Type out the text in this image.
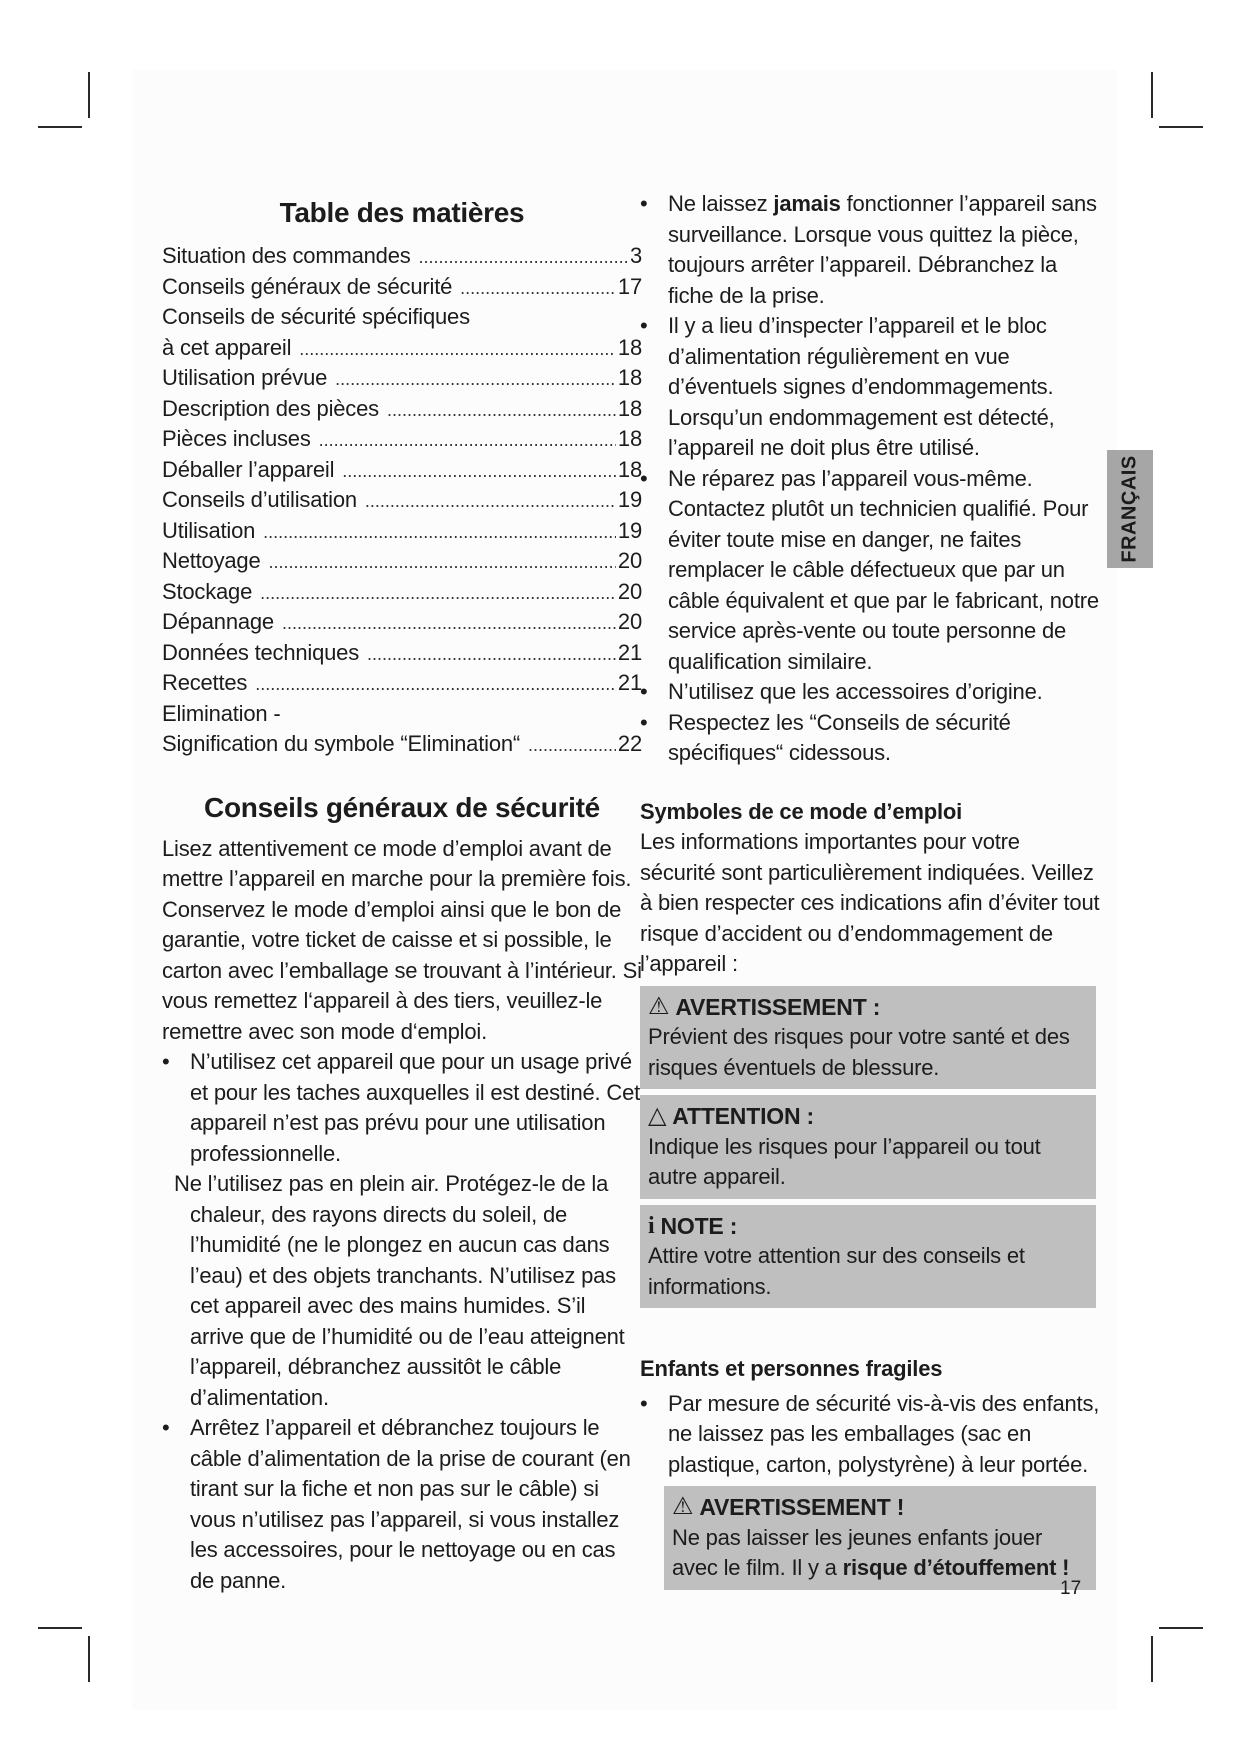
Table des matières
Situation des commandes .....	3
Conseils généraux de sécurité .....	17
Conseils de sécurité spécifiques
à cet appareil .....	18
Utilisation prévue .....	18
Description des pièces .....	18
Pièces incluses .....	18
Déballer l’appareil .....	18
Conseils d’utilisation .....	19
Utilisation .....	19
Nettoyage .....	20
Stockage .....	20
Dépannage .....	20
Données techniques .....	21
Recettes .....	21
Elimination -
Signification du symbole “Elimination“ .....	22
Conseils généraux de sécurité

Lisez attentivement ce mode d’emploi avant de mettre l’appareil en marche pour la première fois. Conservez le mode d’emploi ainsi que le bon de garantie, votre ticket de caisse et si possible, le carton avec l’emballage se trouvant à l’intérieur. Si vous remettez l‘appareil à des tiers, veuillez-le remettre avec son mode d‘emploi.

• N’utilisez cet appareil que pour un usage privé et pour les taches auxquelles il est destiné. Cet appareil n’est pas prévu pour une utilisation professionnelle.
Ne l’utilisez pas en plein air. Protégez-le de la chaleur, des rayons directs du soleil, de l’humidité (ne le plongez en aucun cas dans l’eau) et des objets tranchants. N’utilisez pas cet appareil avec des mains humides. S’il arrive que de l’humidité ou de l’eau atteignent l’appareil, débranchez aussitôt le câble d’alimentation.
• Arrêtez l’appareil et débranchez toujours le câble d’alimentation de la prise de courant (en tirant sur la fiche et non pas sur le câble) si vous n’utilisez pas l’appareil, si vous installez les accessoires, pour le nettoyage ou en cas de panne.
• Ne laissez jamais fonctionner l’appareil sans surveillance. Lorsque vous quittez la pièce, toujours arrêter l’appareil. Débranchez la fiche de la prise.
• Il y a lieu d’inspecter l’appareil et le bloc d’alimentation régulièrement en vue d’éventuels signes d’endommagements. Lorsqu’un endommagement est détecté, l’appareil ne doit plus être utilisé.
• Ne réparez pas l’appareil vous-même. Contactez plutôt un technicien qualifié. Pour éviter toute mise en danger, ne faites remplacer le câble défectueux que par un câble équivalent et que par le fabricant, notre service après-vente ou toute personne de qualification similaire.
• N’utilisez que les accessoires d’origine.
• Respectez les “Conseils de sécurité spécifiques“ cidessous.
Symboles de ce mode d’emploi

Les informations importantes pour votre sécurité sont particulièrement indiquées. Veillez à bien respecter ces indications afin d’éviter tout risque d’accident ou d’endommagement de l’appareil :

⚠ AVERTISSEMENT :
Prévient des risques pour votre santé et des risques éventuels de blessure.
△ ATTENTION :
Indique les risques pour l’appareil ou tout autre appareil.
i NOTE :
Attire votre attention sur des conseils et informations.
Enfants et personnes fragiles
• Par mesure de sécurité vis-à-vis des enfants, ne laissez pas les emballages (sac en plastique, carton, polystyrène) à leur portée.
⚠ AVERTISSEMENT !
Ne pas laisser les jeunes enfants jouer avec le film. Il y a risque d’étouffement !
FRANÇAIS
17
